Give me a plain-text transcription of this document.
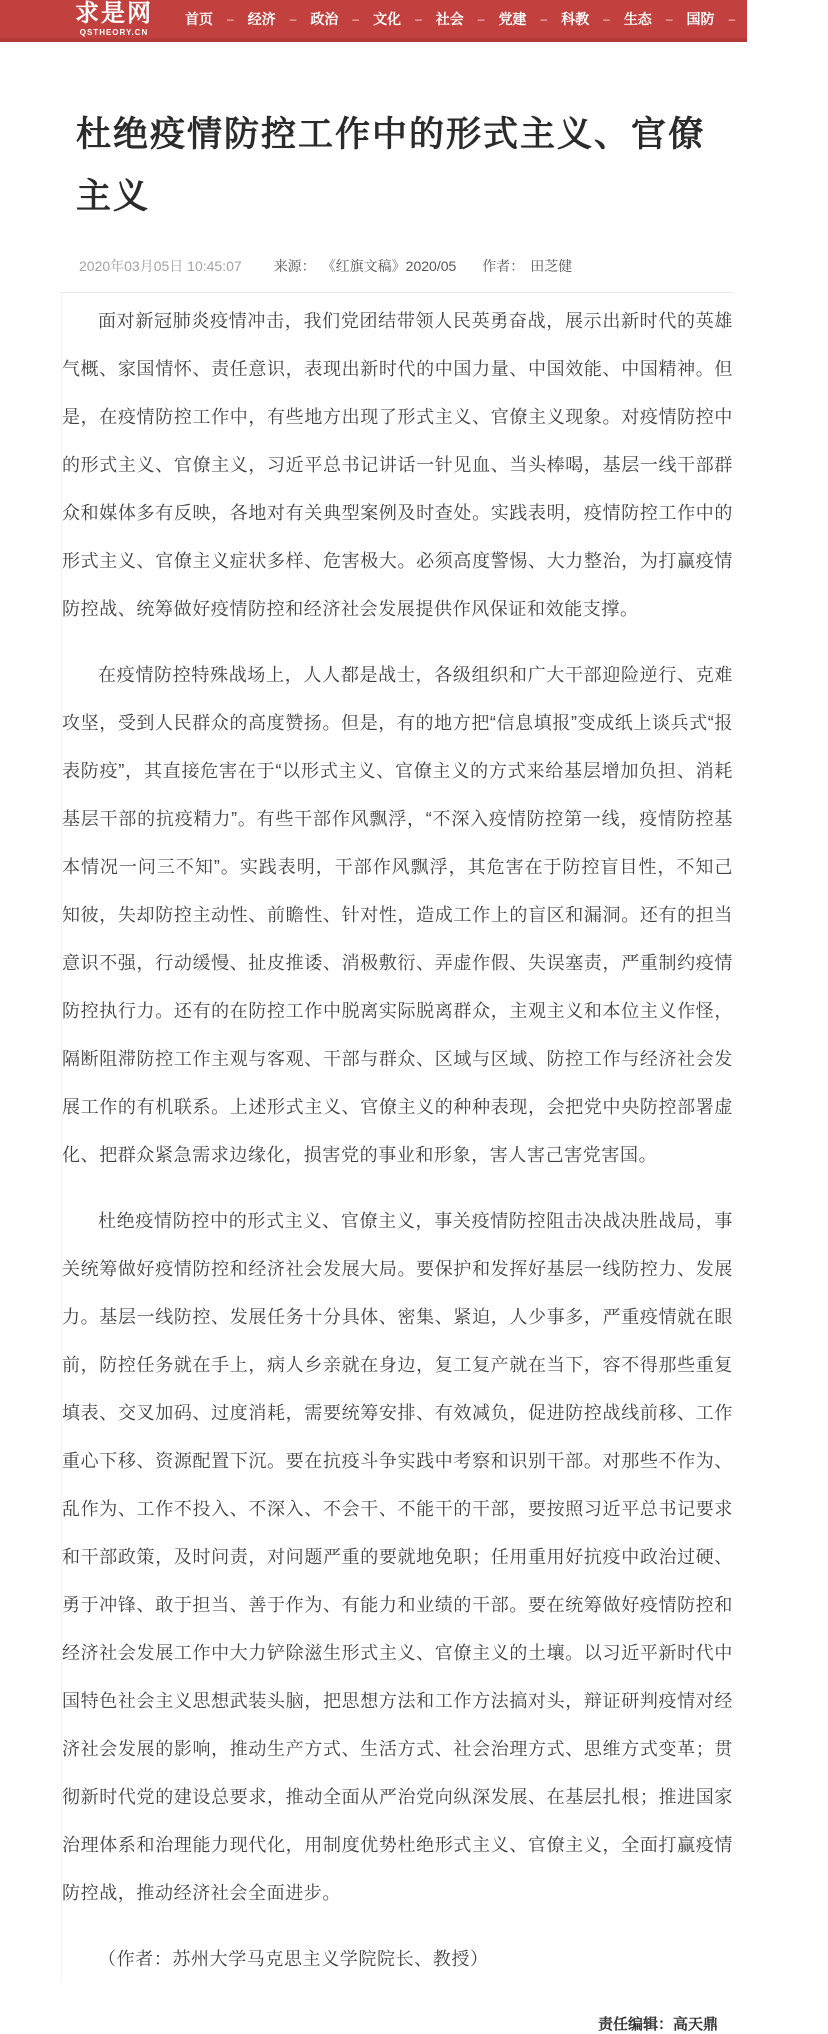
求是网
QSTHEORY.CN
首页 – 经济 – 政治 – 文化 – 社会 – 党建 – 科教 – 生态 – 国防 – 国际 – 国
杜绝疫情防控工作中的形式主义、官僚主义
2020年03月05日 10:45:07 来源： 《红旗文稿》2020/05 作者： 田芝健

面对新冠肺炎疫情冲击，我们党团结带领人民英勇奋战，展示出新时代的英雄气概、家国情怀、责任意识，表现出新时代的中国力量、中国效能、中国精神。但是，在疫情防控工作中，有些地方出现了形式主义、官僚主义现象。对疫情防控中的形式主义、官僚主义，习近平总书记讲话一针见血、当头棒喝，基层一线干部群众和媒体多有反映，各地对有关典型案例及时查处。实践表明，疫情防控工作中的形式主义、官僚主义症状多样、危害极大。必须高度警惕、大力整治，为打赢疫情防控战、统筹做好疫情防控和经济社会发展提供作风保证和效能支撑。

在疫情防控特殊战场上，人人都是战士，各级组织和广大干部迎险逆行、克难攻坚，受到人民群众的高度赞扬。但是，有的地方把“信息填报”变成纸上谈兵式“报表防疫”，其直接危害在于“以形式主义、官僚主义的方式来给基层增加负担、消耗基层干部的抗疫精力”。有些干部作风飘浮，“不深入疫情防控第一线，疫情防控基本情况一问三不知”。实践表明，干部作风飘浮，其危害在于防控盲目性，不知己知彼，失却防控主动性、前瞻性、针对性，造成工作上的盲区和漏洞。还有的担当意识不强，行动缓慢、扯皮推诿、消极敷衍、弄虚作假、失误塞责，严重制约疫情防控执行力。还有的在防控工作中脱离实际脱离群众，主观主义和本位主义作怪，隔断阻滞防控工作主观与客观、干部与群众、区域与区域、防控工作与经济社会发展工作的有机联系。上述形式主义、官僚主义的种种表现，会把党中央防控部署虚化、把群众紧急需求边缘化，损害党的事业和形象，害人害己害党害国。

杜绝疫情防控中的形式主义、官僚主义，事关疫情防控阻击决战决胜战局，事关统筹做好疫情防控和经济社会发展大局。要保护和发挥好基层一线防控力、发展力。基层一线防控、发展任务十分具体、密集、紧迫，人少事多，严重疫情就在眼前，防控任务就在手上，病人乡亲就在身边，复工复产就在当下，容不得那些重复填表、交叉加码、过度消耗，需要统筹安排、有效减负，促进防控战线前移、工作重心下移、资源配置下沉。要在抗疫斗争实践中考察和识别干部。对那些不作为、乱作为、工作不投入、不深入、不会干、不能干的干部，要按照习近平总书记要求和干部政策，及时问责，对问题严重的要就地免职；任用重用好抗疫中政治过硬、勇于冲锋、敢于担当、善于作为、有能力和业绩的干部。要在统筹做好疫情防控和经济社会发展工作中大力铲除滋生形式主义、官僚主义的土壤。以习近平新时代中国特色社会主义思想武装头脑，把思想方法和工作方法搞对头，辩证研判疫情对经济社会发展的影响，推动生产方式、生活方式、社会治理方式、思维方式变革；贯彻新时代党的建设总要求，推动全面从严治党向纵深发展、在基层扎根；推进国家治理体系和治理能力现代化，用制度优势杜绝形式主义、官僚主义，全面打赢疫情防控战，推动经济社会全面进步。

（作者：苏州大学马克思主义学院院长、教授）
责任编辑：高天鼎
